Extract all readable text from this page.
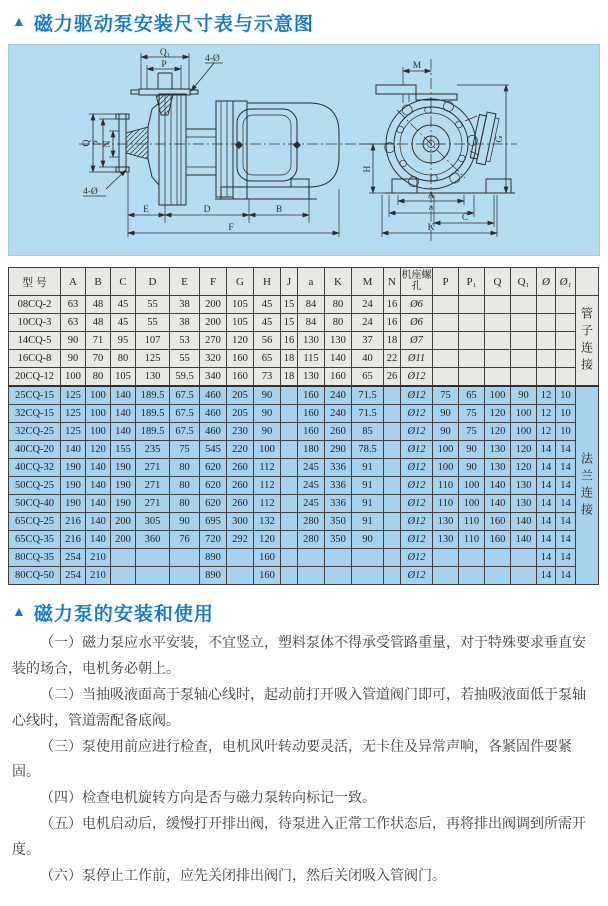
▲ 磁力驱动泵安装尺寸表与示意图
Q₁
P
4-Ø
Q P N
4-Ø
E	D	B
F
M
G
H
A
a
C
K
型 号	A	B	C	D	E	F	G	H	J	a	K	M	N	机座螺孔	P	P₁	Q	Q₁	Ø	Ø₁	
08CQ-2	63	48	45	55	38	200	105	45	15	84	80	24	16	Ø6							管子连接
10CQ-3	63	48	45	55	38	200	105	45	15	84	80	24	16	Ø6							
14CQ-5	90	71	95	107	53	270	120	56	16	130	130	37	18	Ø7							
16CQ-8	90	70	80	125	55	320	160	65	18	115	140	40	22	Ø11							
20CQ-12	100	80	105	130	59.5	340	160	73	18	130	160	65	26	Ø12							
25CQ-15	125	100	140	189.5	67.5	460	205	90		160	240	71.5		Ø12	75	65	100	90	12	10	法兰连接
32CQ-15	125	100	140	189.5	67.5	460	205	90		160	240	71.5		Ø12	90	75	120	100	12	10	
32CQ-25	125	100	140	189.5	67.5	460	230	90		160	260	85		Ø12	90	75	120	100	12	10	
40CQ-20	140	120	155	235	75	545	220	100		180	290	78.5		Ø12	100	90	130	120	14	14	
40CQ-32	190	140	190	271	80	620	260	112		245	336	91		Ø12	100	90	130	120	14	14	
50CQ-25	190	140	190	271	80	620	260	112		245	336	91		Ø12	110	100	140	130	14	14	
50CQ-40	190	140	190	271	80	620	260	112		245	336	91		Ø12	110	100	140	130	14	14	
65CQ-25	216	140	200	305	90	695	300	132		280	350	91		Ø12	130	110	160	140	14	14	
65CQ-35	216	140	200	360	76	720	292	120		280	350	90		Ø12	130	110	160	140	14	14	
80CQ-35	254	210				890		160						Ø12					14	14	
80CQ-50	254	210				890		160						Ø12					14	14	
▲ 磁力泵的安装和使用

（一）磁力泵应水平安装，不宜竖立，塑料泵体不得承受管路重量，对于特殊要求垂直安装的场合，电机务必朝上。

（二）当抽吸液面高于泵轴心线时，起动前打开吸入管道阀门即可，若抽吸液面低于泵轴心线时，管道需配备底阀。

（三）泵使用前应进行检查，电机风叶转动要灵活，无卡住及异常声响，各紧固件要紧固。

（四）检查电机旋转方向是否与磁力泵转向标记一致。

（五）电机启动后，缓慢打开排出阀，待泵进入正常工作状态后，再将排出阀调到所需开度。

（六）泵停止工作前，应先关闭排出阀门，然后关闭吸入管阀门。
